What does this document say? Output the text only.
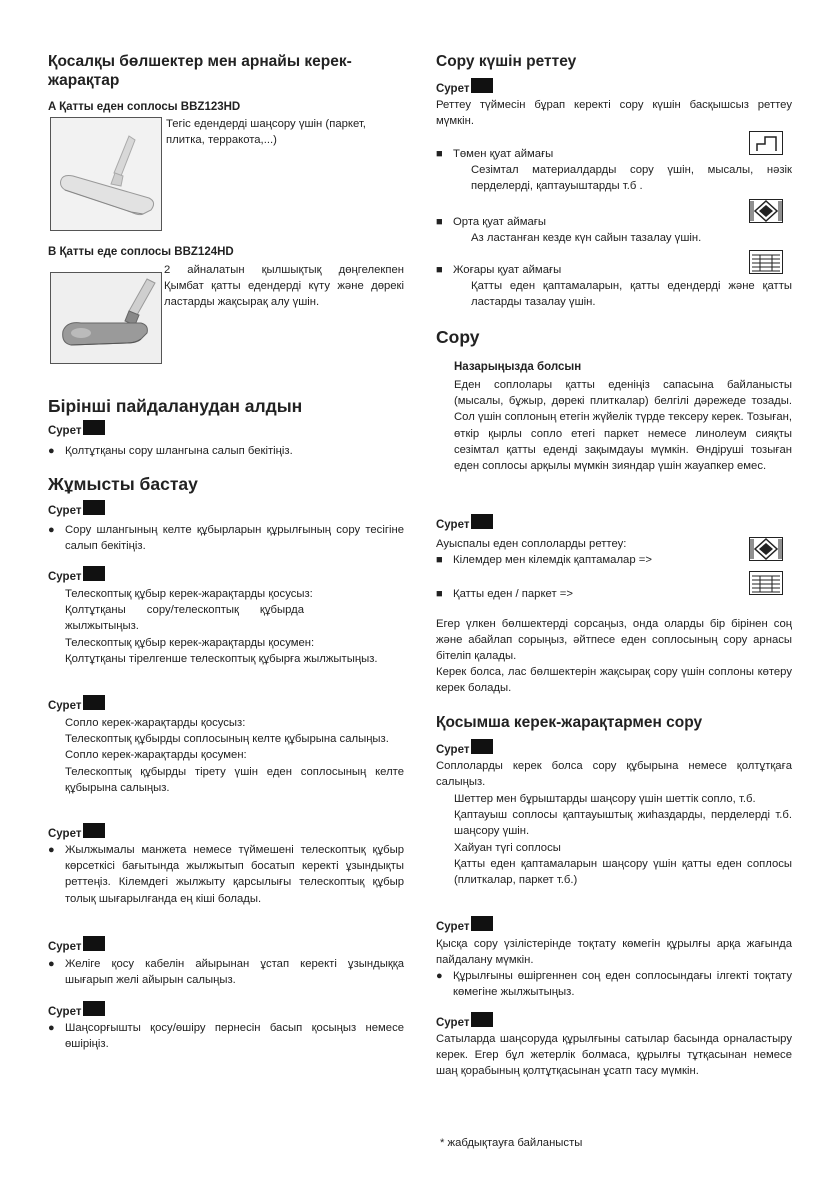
Қосалқы бөлшектер мен арнайы керек-жарақтар
A Қатты еден соплосы BBZ123HD
Тегіс едендерді шаңсору үшін (паркет, плитка, терракота,...)
B Қатты еде соплосы BBZ124HD
2 айналатын қылшықтық дөңгелекпен Қымбат қатты едендерді күту және дөрекі ластарды жақсырақ алу үшін.
Бірінші пайдаланудан алдын
Сурет
● Қолтұтқаны сору шлангына салып бекітіңіз.
Жұмысты бастау
Сурет
● Сору шлангының келте құбырларын құрылғының сору тесігіне салып бекітіңіз.
Сурет
Телескоптық құбыр керек-жарақтарды қосусыз:
Қолтұтқаны сору/телескоптық құбырда жылжытыңыз.
Телескоптық құбыр керек-жарақтарды қосумен:
Қолтұтқаны тірелгенше телескоптық құбырға жылжытыңыз.
Сурет
Сопло керек-жарақтарды қосусыз:
Телескоптық құбырды соплосының келте құбырына салыңыз.
Сопло керек-жарақтарды қосумен:
Телескоптық құбырды тірету үшін еден соплосының келте құбырына салыңыз.
Сурет
● Жылжымалы манжета немесе түймешені телескоптық құбыр көрсеткісі бағытында жылжытып босатып керекті ұзындықты реттеңіз. Кілемдегі жылжыту қарсылығы телескоптық құбыр толық шығарылғанда ең кіші болады.
Сурет
● Желіге қосу кабелін айырынан ұстап керекті ұзындыққа шығарып желі айырын салыңыз.
Сурет
● Шаңсорғышты қосу/өшіру пернесін басып қосыңыз немесе өшіріңіз.
Сору күшін реттеу
Сурет
Реттеу түймесін бұрап керекті сору күшін басқышсыз реттеу мүмкін.
■ Төмен қуат аймағы
Сезімтал материалдарды сору үшін, мысалы, нәзік перделерді, қаптауыштарды т.б .
■ Орта қуат аймағы
Аз ластанған кезде күн сайын тазалау үшін.
■ Жоғары қуат аймағы
Қатты еден қаптамаларын, қатты едендерді және қатты ластарды тазалау үшін.
Сору
Назарыңызда болсын
Еден соплолары қатты еденіңіз сапасына байланысты (мысалы, бұжыр, дөрекі плиткалар) белгілі дәрежеде тозады. Сол үшін соплоның етегін жүйелік түрде тексеру керек. Тозыған, өткір қырлы сопло етегі паркет немесе линолеум сияқты сезімтал қатты еденді зақымдауы мүмкін. Өндіруші тозыған еден соплосы арқылы мүмкін зияндар үшін жауапкер емес.
Сурет
Ауыспалы еден соплоларды реттеу:
■ Кілемдер мен кілемдік қаптамалар =>
■ Қатты еден / паркет =>
Егер үлкен бөлшектерді сорсаңыз, онда оларды бір бірінен соң және абайлап сорыңыз, әйтпесе еден соплосының сору арнасы бітеліп қалады.
Керек болса, лас бөлшектерін жақсырақ сору үшін соплоны көтеру керек болады.
Қосымша керек-жарақтармен сору
Сурет
Соплоларды керек болса сору құбырына немесе қолтұтқаға салыңыз.
Шеттер мен бұрыштарды шаңсору үшін шеттік сопло, т.б.
Қаптауыш соплосы қаптауыштық жиһаздарды, перделерді т.б. шаңсору үшін.
Хайуан түгі соплосы
Қатты еден қаптамаларын шаңсору үшін қатты еден соплосы (плиткалар, паркет т.б.)
Сурет
Қысқа сору үзілістерінде тоқтату көмегін құрылғы арқа жағында пайдалану мүмкін.
● Құрылғыны өшіргеннен соң еден соплосындағы ілгекті тоқтату көмегіне жылжытыңыз.
Сурет
Сатыларда шаңсоруда құрылғыны сатылар басында орналастыру керек. Егер бұл жетерлік болмаса, құрылғы тұтқасынан немесе шаң қорабының қолтұтқасынан ұсатп тасу мүмкін.
* жабдықтауға байланысты
